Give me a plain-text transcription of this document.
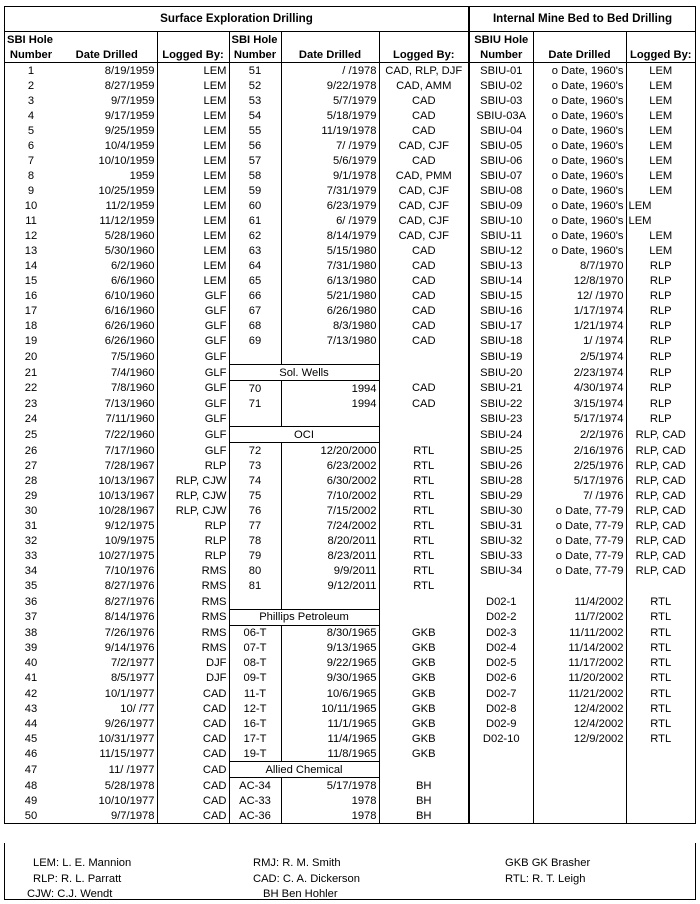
Surface Exploration Drilling						Internal Mine Bed to Bed Drilling		
SBI Hole			SBI Hole			SBIU Hole		
Number	Date Drilled	Logged By:	Number	Date Drilled	Logged By:	Number	Date Drilled	Logged By:
1	8/19/1959	LEM	51	/ /1978	CAD, RLP, DJF	SBIU-01	o Date, 1960's	LEM
2	8/27/1959	LEM	52	9/22/1978	CAD, AMM	SBIU-02	o Date, 1960's	LEM
3	9/7/1959	LEM	53	5/7/1979	CAD	SBIU-03	o Date, 1960's	LEM
4	9/17/1959	LEM	54	5/18/1979	CAD	SBIU-03A	o Date, 1960's	LEM
5	9/25/1959	LEM	55	11/19/1978	CAD	SBIU-04	o Date, 1960's	LEM
6	10/4/1959	LEM	56	7/ /1979	CAD, CJF	SBIU-05	o Date, 1960's	LEM
7	10/10/1959	LEM	57	5/6/1979	CAD	SBIU-06	o Date, 1960's	LEM
8	1959	LEM	58	9/1/1978	CAD, PMM	SBIU-07	o Date, 1960's	LEM
9	10/25/1959	LEM	59	7/31/1979	CAD, CJF	SBIU-08	o Date, 1960's	LEM
10	11/2/1959	LEM	60	6/23/1979	CAD, CJF	SBIU-09	o Date, 1960's	LEM
11	11/12/1959	LEM	61	6/ /1979	CAD, CJF	SBIU-10	o Date, 1960's	LEM
12	5/28/1960	LEM	62	8/14/1979	CAD, CJF	SBIU-11	o Date, 1960's	LEM
13	5/30/1960	LEM	63	5/15/1980	CAD	SBIU-12	o Date, 1960's	LEM
14	6/2/1960	LEM	64	7/31/1980	CAD	SBIU-13	8/7/1970	RLP
15	6/6/1960	LEM	65	6/13/1980	CAD	SBIU-14	12/8/1970	RLP
16	6/10/1960	GLF	66	5/21/1980	CAD	SBIU-15	12/ /1970	RLP
17	6/16/1960	GLF	67	6/26/1980	CAD	SBIU-16	1/17/1974	RLP
18	6/26/1960	GLF	68	8/3/1980	CAD	SBIU-17	1/21/1974	RLP
19	6/26/1960	GLF	69	7/13/1980	CAD	SBIU-18	1/ /1974	RLP
20	7/5/1960	GLF				SBIU-19	2/5/1974	RLP
21	7/4/1960	GLF	Sol. Wells			SBIU-20	2/23/1974	RLP
22	7/8/1960	GLF	70	1994	CAD	SBIU-21	4/30/1974	RLP
23	7/13/1960	GLF	71	1994	CAD	SBIU-22	3/15/1974	RLP
24	7/11/1960	GLF				SBIU-23	5/17/1974	RLP
25	7/22/1960	GLF	OCI			SBIU-24	2/2/1976	RLP, CAD
26	7/17/1960	GLF	72	12/20/2000	RTL	SBIU-25	2/16/1976	RLP, CAD
27	7/28/1967	RLP	73	6/23/2002	RTL	SBIU-26	2/25/1976	RLP, CAD
28	10/13/1967	RLP, CJW	74	6/30/2002	RTL	SBIU-28	5/17/1976	RLP, CAD
29	10/13/1967	RLP, CJW	75	7/10/2002	RTL	SBIU-29	7/ /1976	RLP, CAD
30	10/28/1967	RLP, CJW	76	7/15/2002	RTL	SBIU-30	o Date, 77-79	RLP, CAD
31	9/12/1975	RLP	77	7/24/2002	RTL	SBIU-31	o Date, 77-79	RLP, CAD
32	10/9/1975	RLP	78	8/20/2011	RTL	SBIU-32	o Date, 77-79	RLP, CAD
33	10/27/1975	RLP	79	8/23/2011	RTL	SBIU-33	o Date, 77-79	RLP, CAD
34	7/10/1976	RMS	80	9/9/2011	RTL	SBIU-34	o Date, 77-79	RLP, CAD
35	8/27/1976	RMS	81	9/12/2011	RTL			
36	8/27/1976	RMS				D02-1	11/4/2002	RTL
37	8/14/1976	RMS	Phillips Petroleum			D02-2	11/7/2002	RTL
38	7/26/1976	RMS	06-T	8/30/1965	GKB	D02-3	11/11/2002	RTL
39	9/14/1976	RMS	07-T	9/13/1965	GKB	D02-4	11/14/2002	RTL
40	7/2/1977	DJF	08-T	9/22/1965	GKB	D02-5	11/17/2002	RTL
41	8/5/1977	DJF	09-T	9/30/1965	GKB	D02-6	11/20/2002	RTL
42	10/1/1977	CAD	11-T	10/6/1965	GKB	D02-7	11/21/2002	RTL
43	10/ /77	CAD	12-T	10/11/1965	GKB	D02-8	12/4/2002	RTL
44	9/26/1977	CAD	16-T	11/1/1965	GKB	D02-9	12/4/2002	RTL
45	10/31/1977	CAD	17-T	11/4/1965	GKB	D02-10	12/9/2002	RTL
46	11/15/1977	CAD	19-T	11/8/1965	GKB			
47	11/ /1977	CAD	Allied Chemical					
48	5/28/1978	CAD	AC-34	5/17/1978	BH			
49	10/10/1977	CAD	AC-33	1978	BH			
50	9/7/1978	CAD	AC-36	1978	BH			
LEM: L. E. Mannion
RLP: R. L. Parratt
CJW: C.J. Wendt
RMJ: R. M. Smith
CAD: C. A. Dickerson
BH Ben Hohler
GKB GK Brasher
RTL: R. T. Leigh
